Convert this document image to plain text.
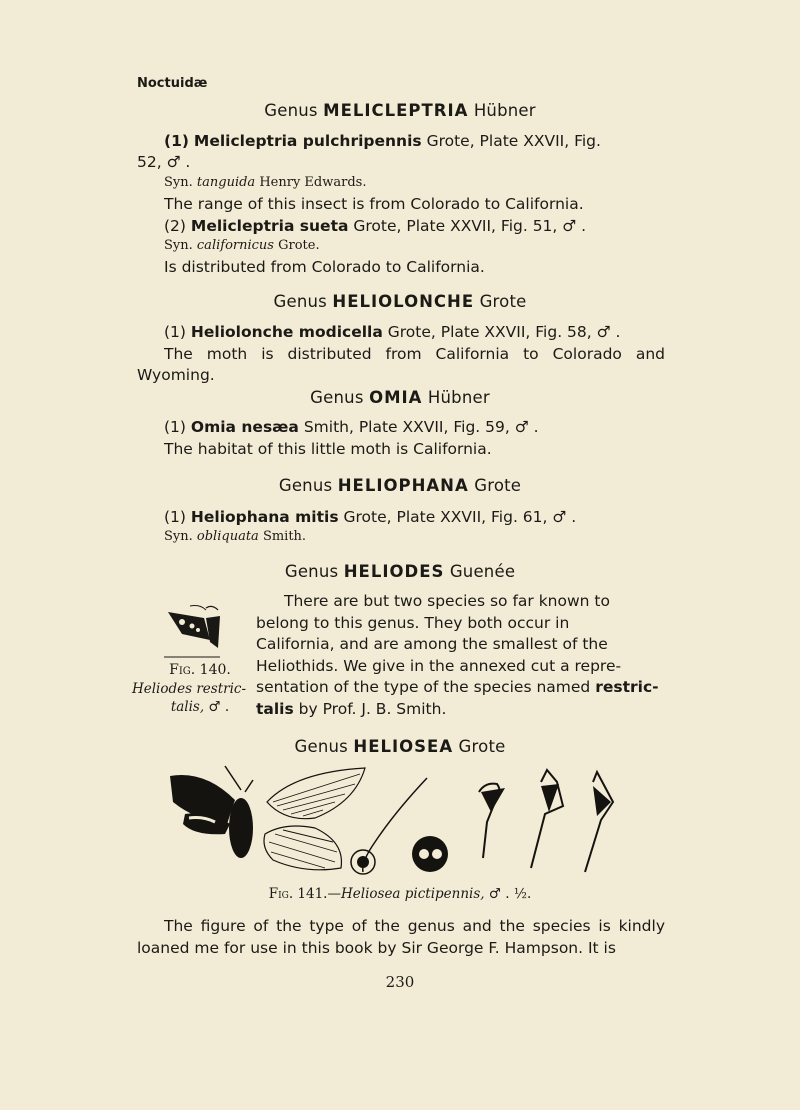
Noctuidæ
Genus MELICLEPTRIA Hübner
(1) Melicleptria pulchripennis Grote, Plate XXVII, Fig.
52, ♂ .
Syn. tanguida Henry Edwards.
The range of this insect is from Colorado to California.
(2) Melicleptria sueta Grote, Plate XXVII, Fig. 51, ♂ .
Syn. californicus Grote.
Is distributed from Colorado to California.
Genus HELIOLONCHE Grote
(1) Heliolonche modicella Grote, Plate XXVII, Fig. 58, ♂ .
The moth is distributed from California to Colorado and Wyoming.
Genus OMIA Hübner
(1) Omia nesæa Smith, Plate XXVII, Fig. 59, ♂ .
The habitat of this little moth is California.
Genus HELIOPHANA Grote
(1) Heliophana mitis Grote, Plate XXVII, Fig. 61, ♂ .
Syn. obliquata Smith.
Genus HELIODES Guenée
Fig. 140.
Heliodes restric-
talis, ♂ .
There are but two species so far known to
belong to this genus. They both occur in
California, and are among the smallest of the
Heliothids. We give in the annexed cut a repre-
sentation of the type of the species named restric-
talis by Prof. J. B. Smith.
Genus HELIOSEA Grote
Fig. 141.—Heliosea pictipennis, ♂ . ½.
The figure of the type of the genus and the species is kindly loaned me for use in this book by Sir George F. Hampson. It is
230
